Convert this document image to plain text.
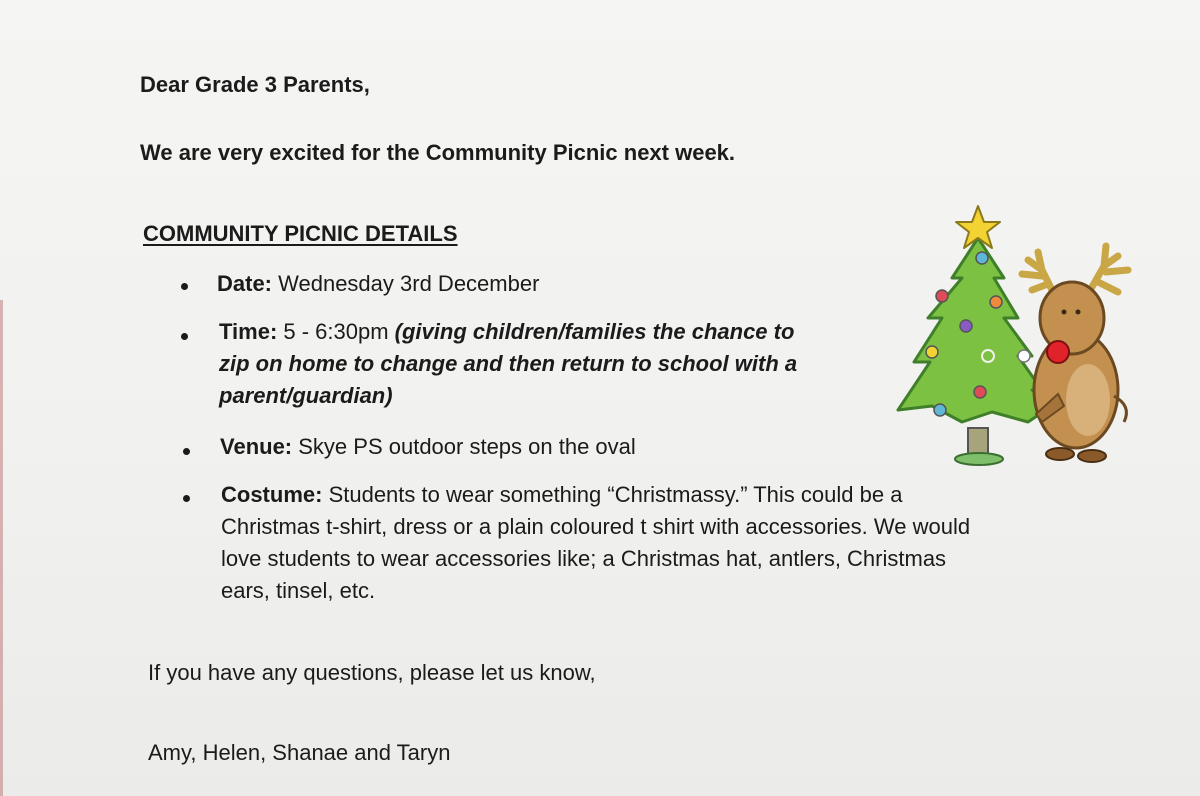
Dear Grade 3 Parents,
We are very excited for the Community Picnic next week.
COMMUNITY PICNIC DETAILS
Date: Wednesday 3rd December
Time: 5 - 6:30pm (giving children/families the chance to
zip on home to change and then return to school with a
parent/guardian)
Venue: Skye PS outdoor steps on the oval
Costume: Students to wear something “Christmassy.” This could be a
Christmas t-shirt, dress or a plain coloured t shirt with accessories. We would
love students to wear accessories like; a Christmas hat, antlers, Christmas
ears, tinsel, etc.
If you have any questions, please let us know,
Amy, Helen, Shanae and Taryn
